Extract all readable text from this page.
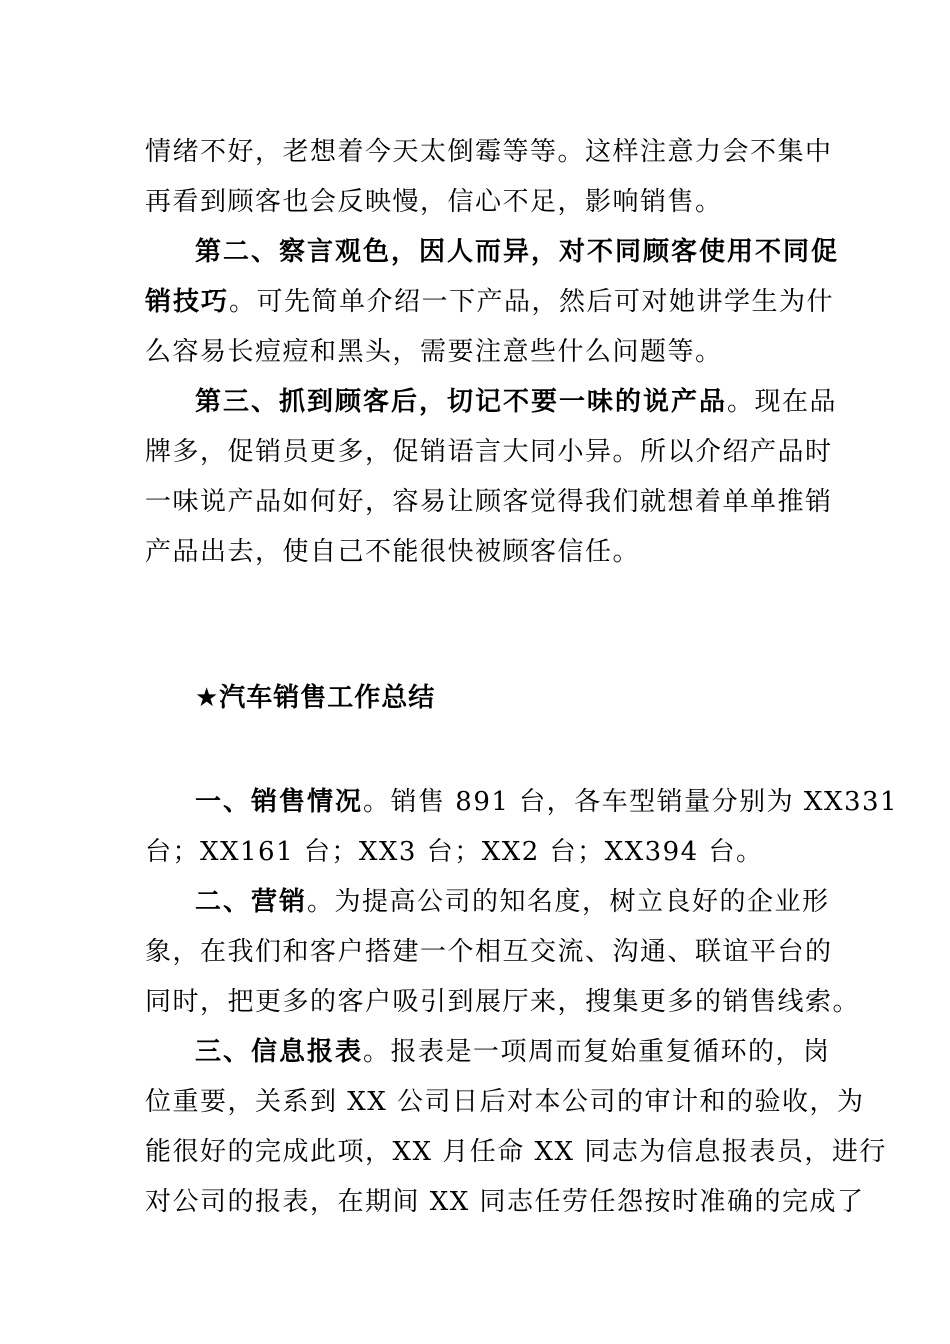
情绪不好，老想着今天太倒霉等等。这样注意力会不集中
再看到顾客也会反映慢，信心不足，影响销售。
第二、察言观色，因人而异，对不同顾客使用不同促
销技巧。可先简单介绍一下产品，然后可对她讲学生为什
么容易长痘痘和黑头，需要注意些什么问题等。
第三、抓到顾客后，切记不要一味的说产品。现在品
牌多，促销员更多，促销语言大同小异。所以介绍产品时
一味说产品如何好，容易让顾客觉得我们就想着单单推销
产品出去，使自己不能很快被顾客信任。
★汽车销售工作总结
一、销售情况。销售 891 台，各车型销量分别为 XX331
台；XX161 台；XX3 台；XX2 台；XX394 台。
二、营销。为提高公司的知名度，树立良好的企业形
象，在我们和客户搭建一个相互交流、沟通、联谊平台的
同时，把更多的客户吸引到展厅来，搜集更多的销售线索。
三、信息报表。报表是一项周而复始重复循环的，岗
位重要，关系到 XX 公司日后对本公司的审计和的验收，为
能很好的完成此项，XX 月任命 XX 同志为信息报表员，进行
对公司的报表，在期间 XX 同志任劳任怨按时准确的完成了
